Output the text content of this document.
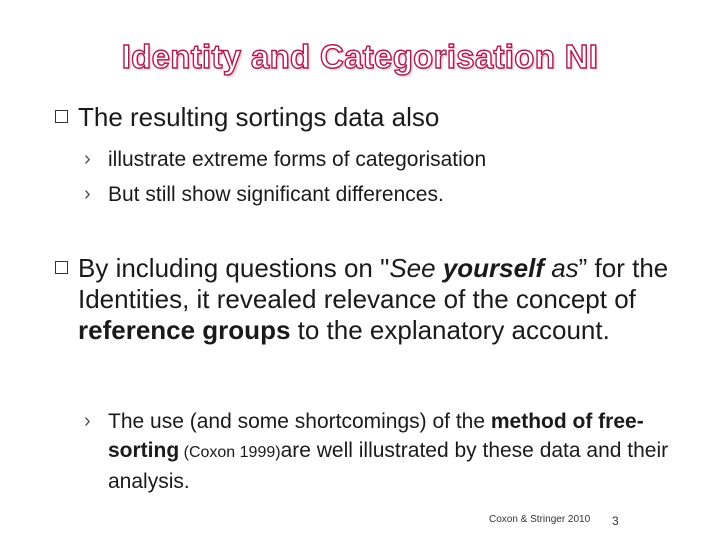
Identity and Categorisation NI
The resulting sortings data also
› illustrate extreme forms of categorisation
› But still show significant differences.
By including questions on "See yourself as” for the Identities, it revealed relevance of the concept of reference groups to the explanatory account.
› The use (and some shortcomings) of the method of free-sorting (Coxon 1999)are well illustrated by these data and their analysis.
Coxon & Stringer 2010 3
